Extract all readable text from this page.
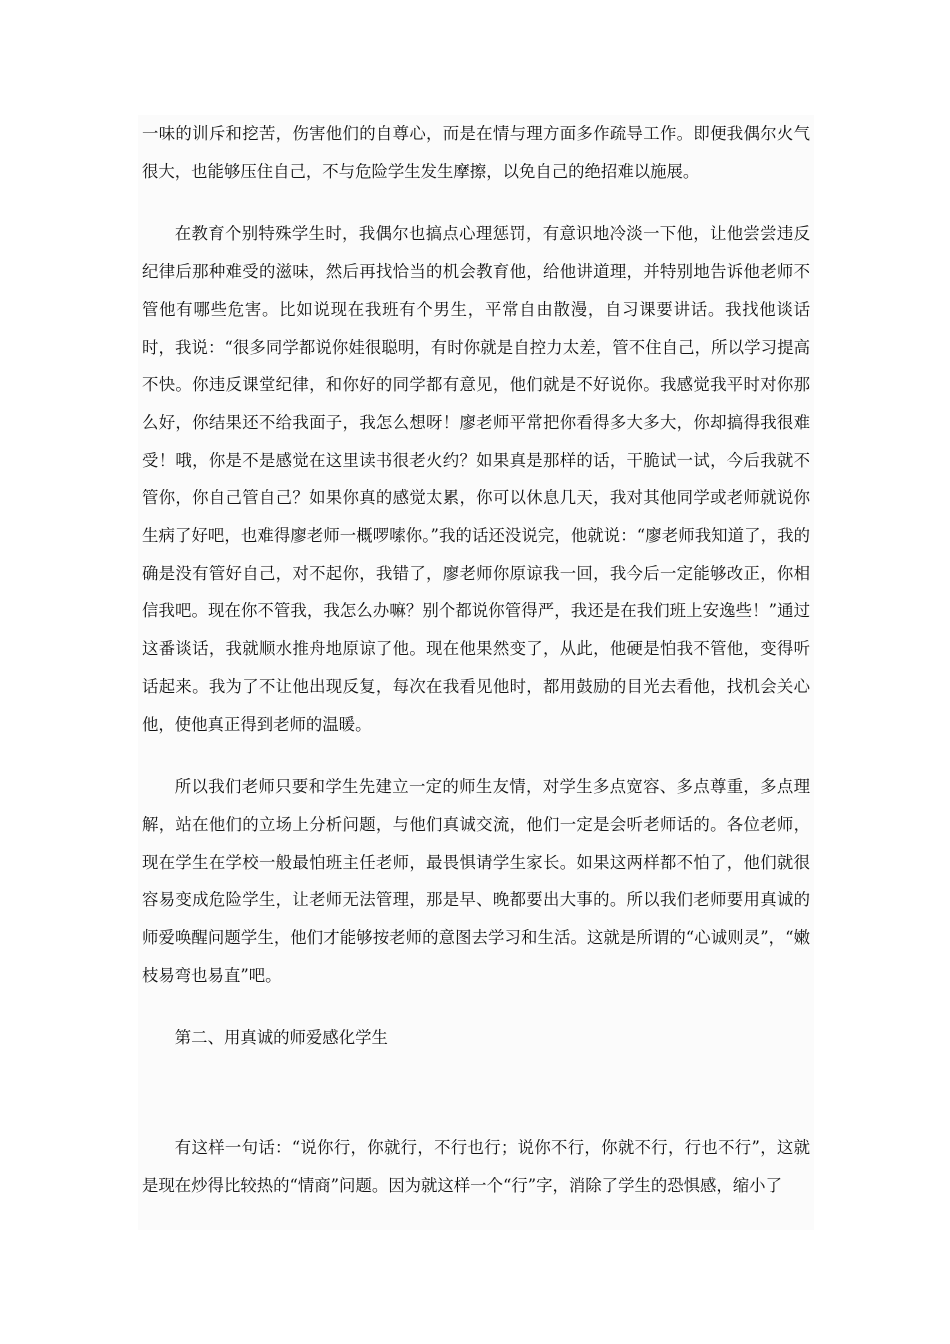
一味的训斥和挖苦，伤害他们的自尊心，而是在情与理方面多作疏导工作。即便我偶尔火气很大，也能够压住自己，不与危险学生发生摩擦，以免自己的绝招难以施展。

在教育个别特殊学生时，我偶尔也搞点心理惩罚，有意识地冷淡一下他，让他尝尝违反纪律后那种难受的滋味，然后再找恰当的机会教育他，给他讲道理，并特别地告诉他老师不管他有哪些危害。比如说现在我班有个男生，平常自由散漫，自习课要讲话。我找他谈话时，我说：“很多同学都说你娃很聪明，有时你就是自控力太差，管不住自己，所以学习提高不快。你违反课堂纪律，和你好的同学都有意见，他们就是不好说你。我感觉我平时对你那么好，你结果还不给我面子，我怎么想呀！廖老师平常把你看得多大多大，你却搞得我很难受！哦，你是不是感觉在这里读书很老火约？如果真是那样的话，干脆试一试，今后我就不管你，你自己管自己？如果你真的感觉太累，你可以休息几天，我对其他同学或老师就说你生病了好吧，也难得廖老师一概啰嗦你。”我的话还没说完，他就说：“廖老师我知道了，我的确是没有管好自己，对不起你，我错了，廖老师你原谅我一回，我今后一定能够改正，你相信我吧。现在你不管我，我怎么办嘛？别个都说你管得严，我还是在我们班上安逸些！”通过这番谈话，我就顺水推舟地原谅了他。现在他果然变了，从此，他硬是怕我不管他，变得听话起来。我为了不让他出现反复，每次在我看见他时，都用鼓励的目光去看他，找机会关心他，使他真正得到老师的温暖。

所以我们老师只要和学生先建立一定的师生友情，对学生多点宽容、多点尊重，多点理解，站在他们的立场上分析问题，与他们真诚交流，他们一定是会听老师话的。各位老师，现在学生在学校一般最怕班主任老师，最畏惧请学生家长。如果这两样都不怕了，他们就很容易变成危险学生，让老师无法管理，那是早、晚都要出大事的。所以我们老师要用真诚的师爱唤醒问题学生，他们才能够按老师的意图去学习和生活。这就是所谓的“心诚则灵”，“嫩枝易弯也易直”吧。

第二、用真诚的师爱感化学生

有这样一句话：“说你行，你就行，不行也行；说你不行，你就不行，行也不行”，这就是现在炒得比较热的“情商”问题。因为就这样一个“行”字，消除了学生的恐惧感，缩小了
